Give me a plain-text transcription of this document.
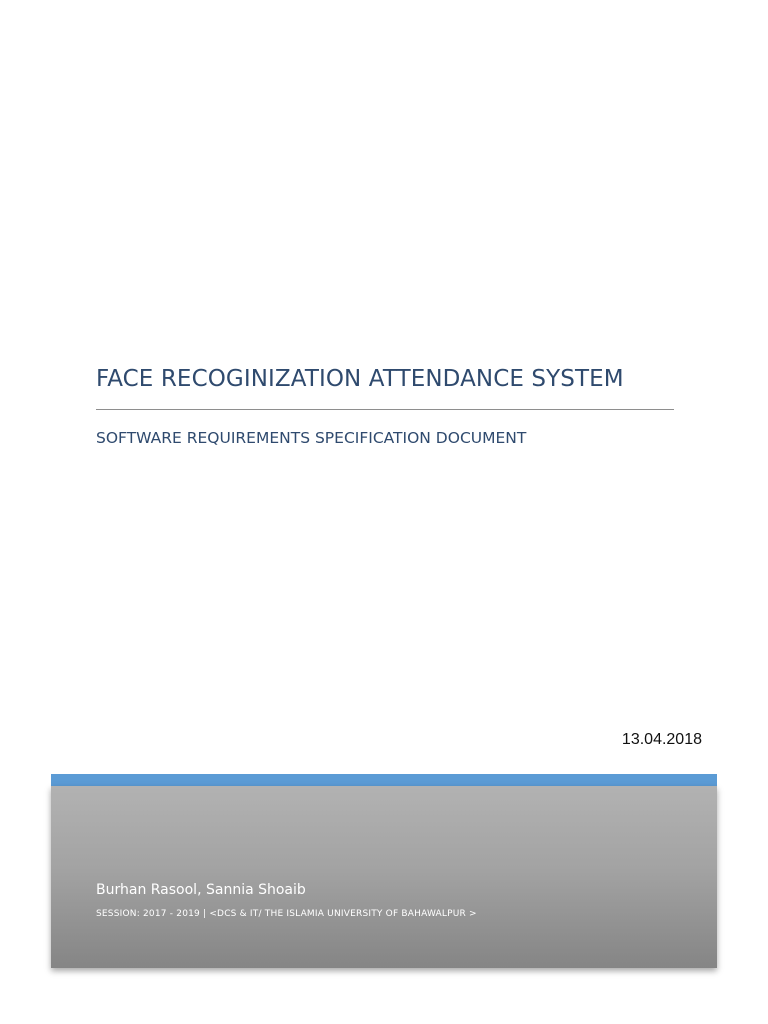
FACE RECOGINIZATION ATTENDANCE SYSTEM
SOFTWARE REQUIREMENTS SPECIFICATION DOCUMENT
13.04.2018
Burhan Rasool, Sannia Shoaib
SESSION: 2017 - 2019 | <DCS & IT/ THE ISLAMIA UNIVERSITY OF BAHAWALPUR >
